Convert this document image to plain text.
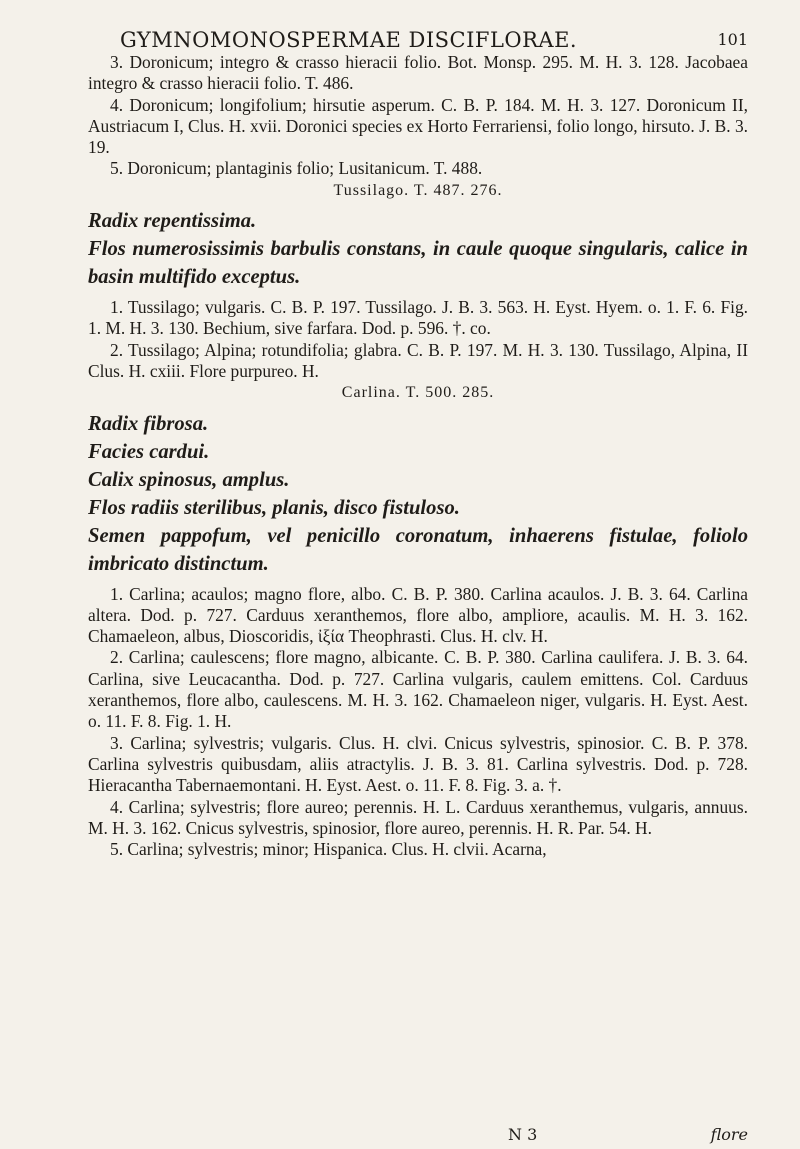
GYMNOMONOSPERMAE DISCIFLORAE.	101

3. Doronicum; integro & crasso hieracii folio. Bot. Monsp. 295. M. H. 3. 128. Jacobaea integro & crasso hieracii folio. T. 486.

4. Doronicum; longifolium; hirsutie asperum. C. B. P. 184. M. H. 3. 127. Doronicum II, Austriacum I, Clus. H. xvii. Doronici species ex Horto Ferrariensi, folio longo, hirsuto. J. B. 3. 19.

5. Doronicum; plantaginis folio; Lusitanicum. T. 488.

Tussilago. T. 487. 276.

Radix repentissima.

Flos numerosissimis barbulis constans, in caule quoque singularis, calice in basin multifido exceptus.

1. Tussilago; vulgaris. C. B. P. 197. Tussilago. J. B. 3. 563. H. Eyst. Hyem. o. 1. F. 6. Fig. 1. M. H. 3. 130. Bechium, sive farfara. Dod. p. 596. †. co.

2. Tussilago; Alpina; rotundifolia; glabra. C. B. P. 197. M. H. 3. 130. Tussilago, Alpina, II Clus. H. cxiii. Flore purpureo. H.

Carlina. T. 500. 285.

Radix fibrosa.

Facies cardui.

Calix spinosus, amplus.

Flos radiis sterilibus, planis, disco fistuloso.

Semen pappofum, vel penicillo coronatum, inhaerens fistulae, foliolo imbricato distinctum.

1. Carlina; acaulos; magno flore, albo. C. B. P. 380. Carlina acaulos. J. B. 3. 64. Carlina altera. Dod. p. 727. Carduus xeranthemos, flore albo, ampliore, acaulis. M. H. 3. 162. Chamaeleon, albus, Dioscoridis, ἰξία Theophrasti. Clus. H. clv. H.

2. Carlina; caulescens; flore magno, albicante. C. B. P. 380. Carlina caulifera. J. B. 3. 64. Carlina, sive Leucacantha. Dod. p. 727. Carlina vulgaris, caulem emittens. Col. Carduus xeranthemos, flore albo, caulescens. M. H. 3. 162. Chamaeleon niger, vulgaris. H. Eyst. Aest. o. 11. F. 8. Fig. 1. H.

3. Carlina; sylvestris; vulgaris. Clus. H. clvi. Cnicus sylvestris, spinosior. C. B. P. 378. Carlina sylvestris quibusdam, aliis atractylis. J. B. 3. 81. Carlina sylvestris. Dod. p. 728. Hieracantha Tabernaemontani. H. Eyst. Aest. o. 11. F. 8. Fig. 3. a. †.

4. Carlina; sylvestris; flore aureo; perennis. H. L. Carduus xeranthemus, vulgaris, annuus. M. H. 3. 162. Cnicus sylvestris, spinosior, flore aureo, perennis. H. R. Par. 54. H.

5. Carlina; sylvestris; minor; Hispanica. Clus. H. clvii. Acarna,

N 3	flore
